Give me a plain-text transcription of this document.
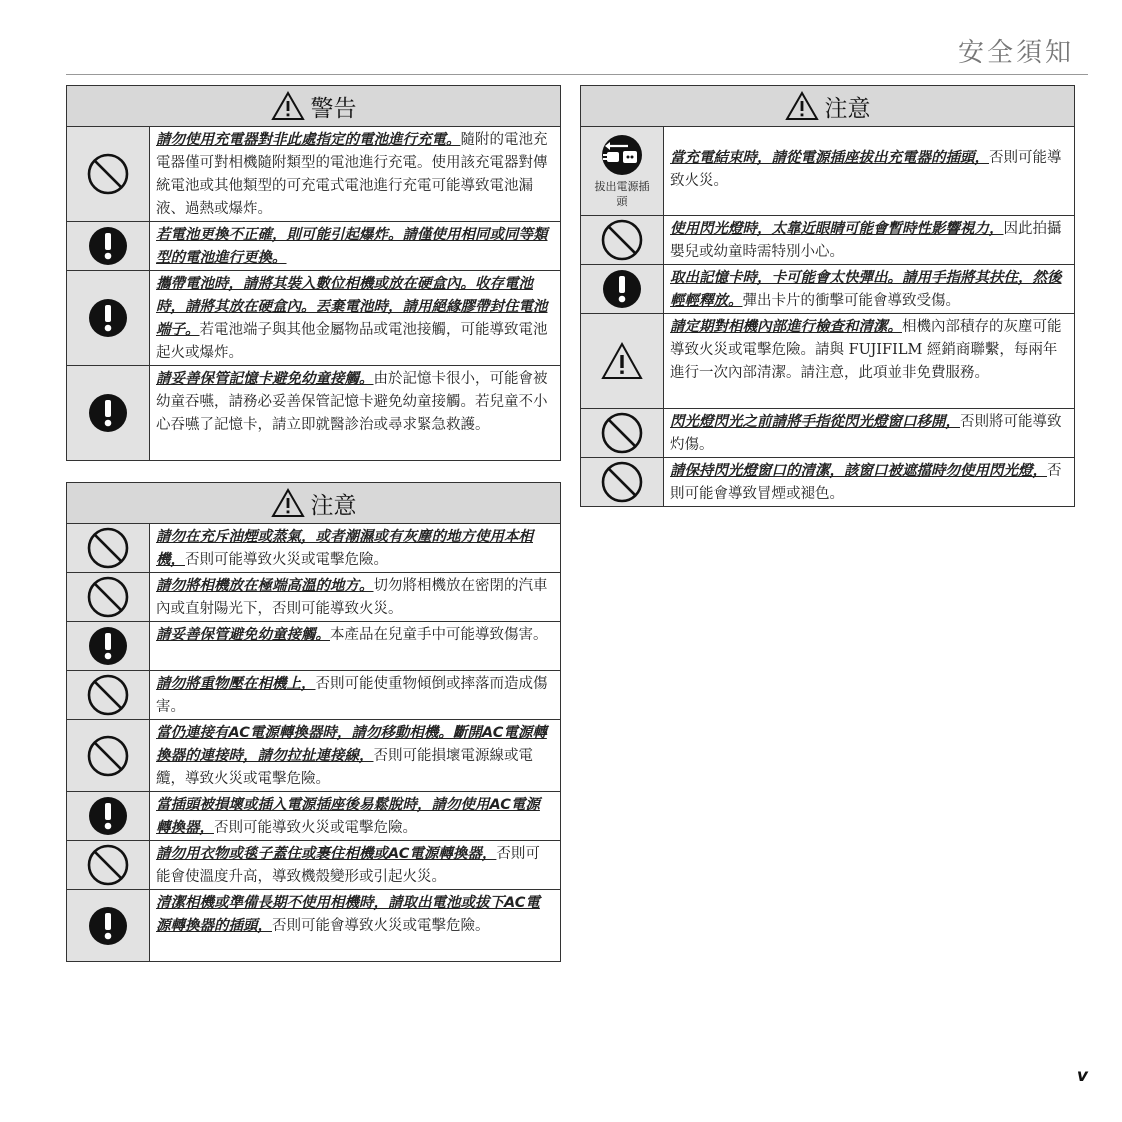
安全須知
警告
請勿使用充電器對非此處指定的電池進行充電。隨附的電池充電器僅可對相機隨附類型的電池進行充電。使用該充電器對傳統電池或其他類型的可充電式電池進行充電可能導致電池漏液、過熱或爆炸。
若電池更換不正確，則可能引起爆炸。請僅使用相同或同等類型的電池進行更換。
攜帶電池時，請將其裝入數位相機或放在硬盒內。收存電池時，請將其放在硬盒內。丟棄電池時，請用絕緣膠帶封住電池端子。若電池端子與其他金屬物品或電池接觸，可能導致電池起火或爆炸。
請妥善保管記憶卡避免幼童接觸。由於記憶卡很小，可能會被幼童吞嚥，請務必妥善保管記憶卡避免幼童接觸。若兒童不小心吞嚥了記憶卡，請立即就醫診治或尋求緊急救護。
注意
請勿在充斥油煙或蒸氣，或者潮濕或有灰塵的地方使用本相機，否則可能導致火災或電擊危險。
請勿將相機放在極端高溫的地方。切勿將相機放在密閉的汽車內或直射陽光下，否則可能導致火災。
請妥善保管避免幼童接觸。本產品在兒童手中可能導致傷害。
請勿將重物壓在相機上，否則可能使重物傾倒或摔落而造成傷害。
當仍連接有AC電源轉換器時，請勿移動相機。斷開AC電源轉換器的連接時，請勿拉扯連接線，否則可能損壞電源線或電纜，導致火災或電擊危險。
當插頭被損壞或插入電源插座後易鬆脫時，請勿使用AC電源轉換器，否則可能導致火災或電擊危險。
請勿用衣物或毯子蓋住或裹住相機或AC電源轉換器，否則可能會使溫度升高，導致機殼變形或引起火災。
清潔相機或準備長期不使用相機時，請取出電池或拔下AC電源轉換器的插頭，否則可能會導致火災或電擊危險。
注意
拔出電源插頭
當充電結束時，請從電源插座拔出充電器的插頭，否則可能導致火災。
使用閃光燈時，太靠近眼睛可能會暫時性影響視力，因此拍攝嬰兒或幼童時需特別小心。
取出記憶卡時，卡可能會太快彈出。請用手指將其扶住，然後輕輕釋放。彈出卡片的衝擊可能會導致受傷。
請定期對相機內部進行檢查和清潔。相機內部積存的灰塵可能導致火災或電擊危險。請與 FUJIFILM 經銷商聯繫，每兩年進行一次內部清潔。請注意，此項並非免費服務。
閃光燈閃光之前請將手指從閃光燈窗口移開，否則將可能導致灼傷。
請保持閃光燈窗口的清潔，該窗口被遮擋時勿使用閃光燈，否則可能會導致冒煙或褪色。
v
